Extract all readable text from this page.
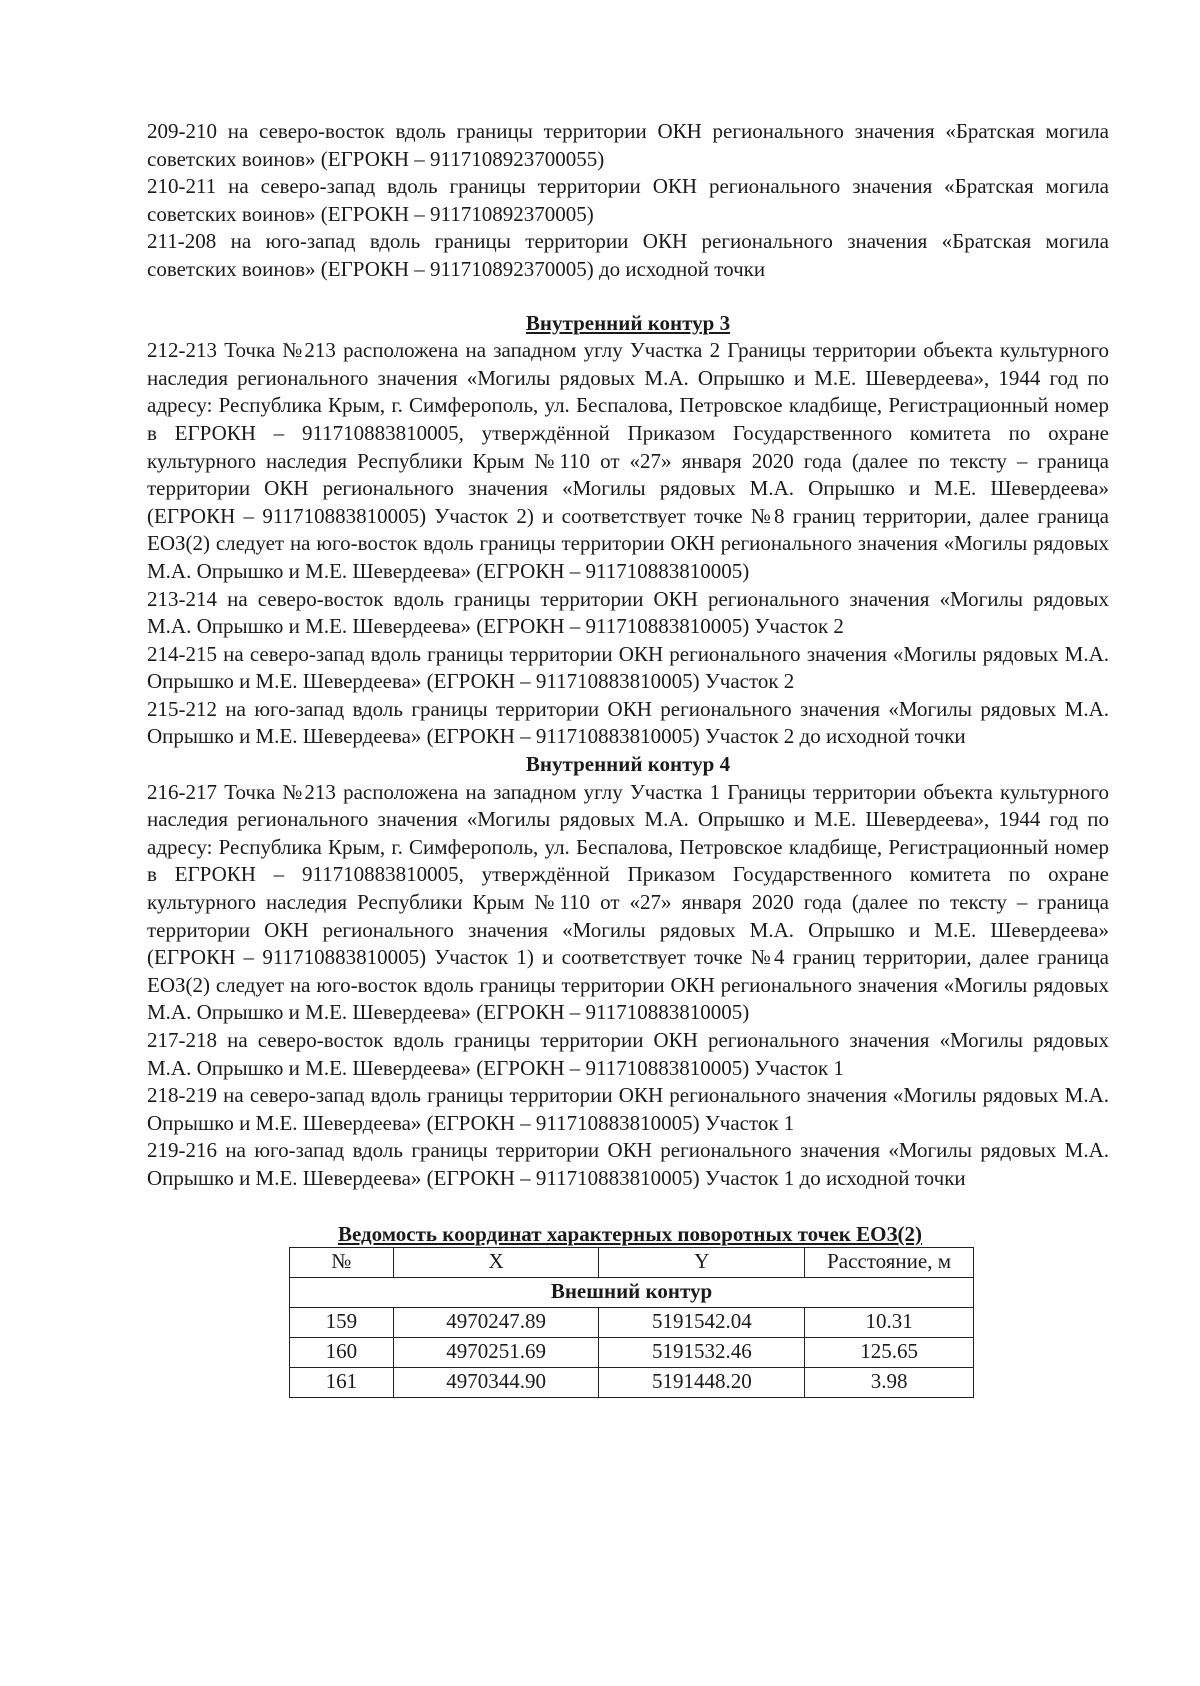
209-210 на северо-восток вдоль границы территории ОКН регионального значения «Братская могила советских воинов» (ЕГРОКН – 9117108923700055)

210-211 на северо-запад вдоль границы территории ОКН регионального значения «Братская могила советских воинов» (ЕГРОКН – 911710892370005)

211-208 на юго-запад вдоль границы территории ОКН регионального значения «Братская могила советских воинов» (ЕГРОКН – 911710892370005) до исходной точки

Внутренний контур 3

212-213 Точка №213 расположена на западном углу Участка 2 Границы территории объекта культурного наследия регионального значения «Могилы рядовых М.А. Опрышко и М.Е. Шевердеева», 1944 год по адресу: Республика Крым, г. Симферополь, ул. Беспалова, Петровское кладбище, Регистрационный номер в ЕГРОКН – 911710883810005, утверждённой Приказом Государственного комитета по охране культурного наследия Республики Крым №110 от «27» января 2020 года (далее по тексту – граница территории ОКН регионального значения «Могилы рядовых М.А. Опрышко и М.Е. Шевердеева» (ЕГРОКН – 911710883810005) Участок 2) и соответствует точке №8 границ территории, далее граница ЕОЗ(2) следует на юго-восток вдоль границы территории ОКН регионального значения «Могилы рядовых М.А. Опрышко и М.Е. Шевердеева» (ЕГРОКН – 911710883810005)

213-214 на северо-восток вдоль границы территории ОКН регионального значения «Могилы рядовых М.А. Опрышко и М.Е. Шевердеева» (ЕГРОКН – 911710883810005) Участок 2

214-215 на северо-запад вдоль границы территории ОКН регионального значения «Могилы рядовых М.А. Опрышко и М.Е. Шевердеева» (ЕГРОКН – 911710883810005) Участок 2

215-212 на юго-запад вдоль границы территории ОКН регионального значения «Могилы рядовых М.А. Опрышко и М.Е. Шевердеева» (ЕГРОКН – 911710883810005) Участок 2 до исходной точки

Внутренний контур 4

216-217 Точка №213 расположена на западном углу Участка 1 Границы территории объекта культурного наследия регионального значения «Могилы рядовых М.А. Опрышко и М.Е. Шевердеева», 1944 год по адресу: Республика Крым, г. Симферополь, ул. Беспалова, Петровское кладбище, Регистрационный номер в ЕГРОКН – 911710883810005, утверждённой Приказом Государственного комитета по охране культурного наследия Республики Крым №110 от «27» января 2020 года (далее по тексту – граница территории ОКН регионального значения «Могилы рядовых М.А. Опрышко и М.Е. Шевердеева» (ЕГРОКН – 911710883810005) Участок 1) и соответствует точке №4 границ территории, далее граница ЕОЗ(2) следует на юго-восток вдоль границы территории ОКН регионального значения «Могилы рядовых М.А. Опрышко и М.Е. Шевердеева» (ЕГРОКН – 911710883810005)

217-218 на северо-восток вдоль границы территории ОКН регионального значения «Могилы рядовых М.А. Опрышко и М.Е. Шевердеева» (ЕГРОКН – 911710883810005) Участок 1

218-219 на северо-запад вдоль границы территории ОКН регионального значения «Могилы рядовых М.А. Опрышко и М.Е. Шевердеева» (ЕГРОКН – 911710883810005) Участок 1

219-216 на юго-запад вдоль границы территории ОКН регионального значения «Могилы рядовых М.А. Опрышко и М.Е. Шевердеева» (ЕГРОКН – 911710883810005) Участок 1 до исходной точки

Ведомость координат характерных поворотных точек ЕОЗ(2)

№	X	Y	Расстояние, м
Внешний контур			
159	4970247.89	5191542.04	10.31
160	4970251.69	5191532.46	125.65
161	4970344.90	5191448.20	3.98
